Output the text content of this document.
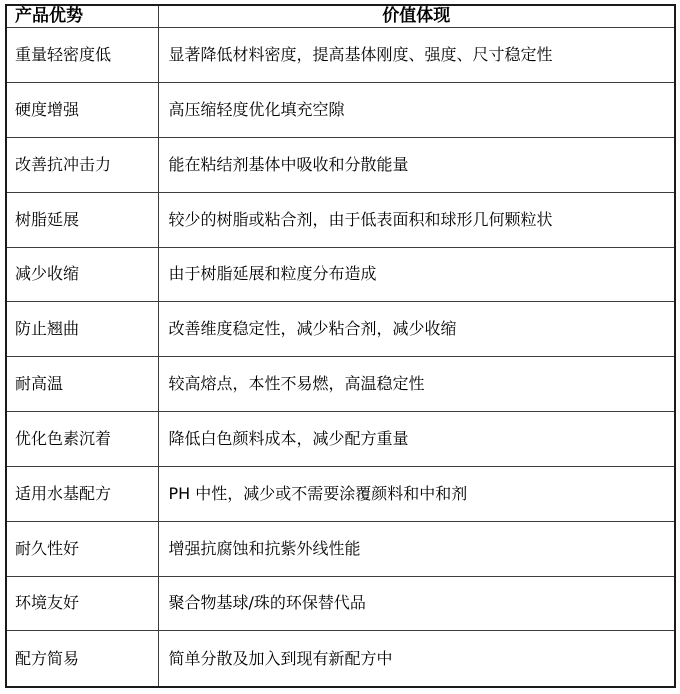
产品优势	价值体现
重量轻密度低	显著降低材料密度，提高基体刚度、强度、尺寸稳定性
硬度增强	高压缩轻度优化填充空隙
改善抗冲击力	能在粘结剂基体中吸收和分散能量
树脂延展	较少的树脂或粘合剂，由于低表面积和球形几何颗粒状
减少收缩	由于树脂延展和粒度分布造成
防止翘曲	改善维度稳定性，减少粘合剂，减少收缩
耐高温	较高熔点，本性不易燃，高温稳定性
优化色素沉着	降低白色颜料成本，减少配方重量
适用水基配方	PH 中性，减少或不需要涂覆颜料和中和剂
耐久性好	增强抗腐蚀和抗紫外线性能
环境友好	聚合物基球/珠的环保替代品
配方简易	简单分散及加入到现有新配方中
